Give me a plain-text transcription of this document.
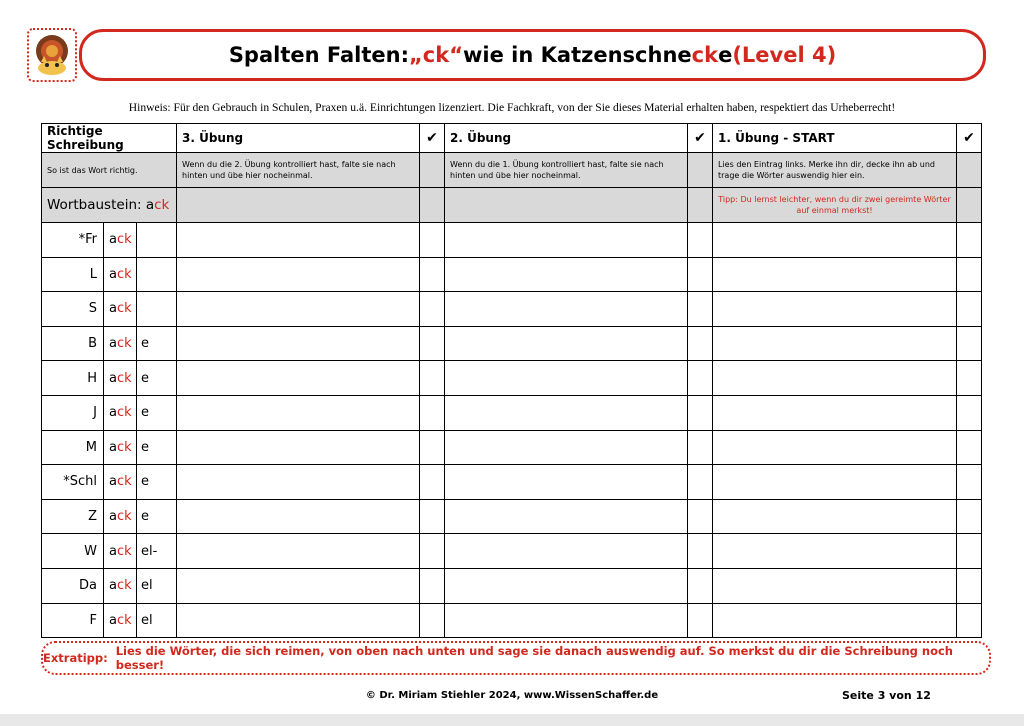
Spalten Falten: „ck“ wie in Katzenschne ck e (Level 4)
Hinweis: Für den Gebrauch in Schulen, Praxen u.ä. Einrichtungen lizenziert. Die Fachkraft, von der Sie dieses Material erhalten haben, respektiert das Urheberrecht!
Richtige Schreibung			3. Übung	✔	2. Übung	✔	1. Übung - START	✔
So ist das Wort richtig.			Wenn du die 2. Übung kontrolliert hast, falte sie nach hinten und übe hier nocheinmal.		Wenn du die 1. Übung kontrolliert hast, falte sie nach hinten und übe hier nocheinmal.		Lies den Eintrag links. Merke ihn dir, decke ihn ab und trage die Wörter auswendig hier ein.	
Wortbaustein: ack							Tipp: Du lernst leichter, wenn du dir zwei gereimte Wörter auf einmal merkst!	
*Fr	ack							
L	ack							
S	ack							
B	ack	e						
H	ack	e						
J	ack	e						
M	ack	e						
*Schl	ack	e						
Z	ack	e						
W	ack	el-						
Da	ack	el						
F	ack	el						
Extratipp: Lies die Wörter, die sich reimen, von oben nach unten und sage sie danach auswendig auf. So merkst du dir die Schreibung noch besser!
© Dr. Miriam Stiehler 2024, www.WissenSchaffer.de	Seite 3 von 12
